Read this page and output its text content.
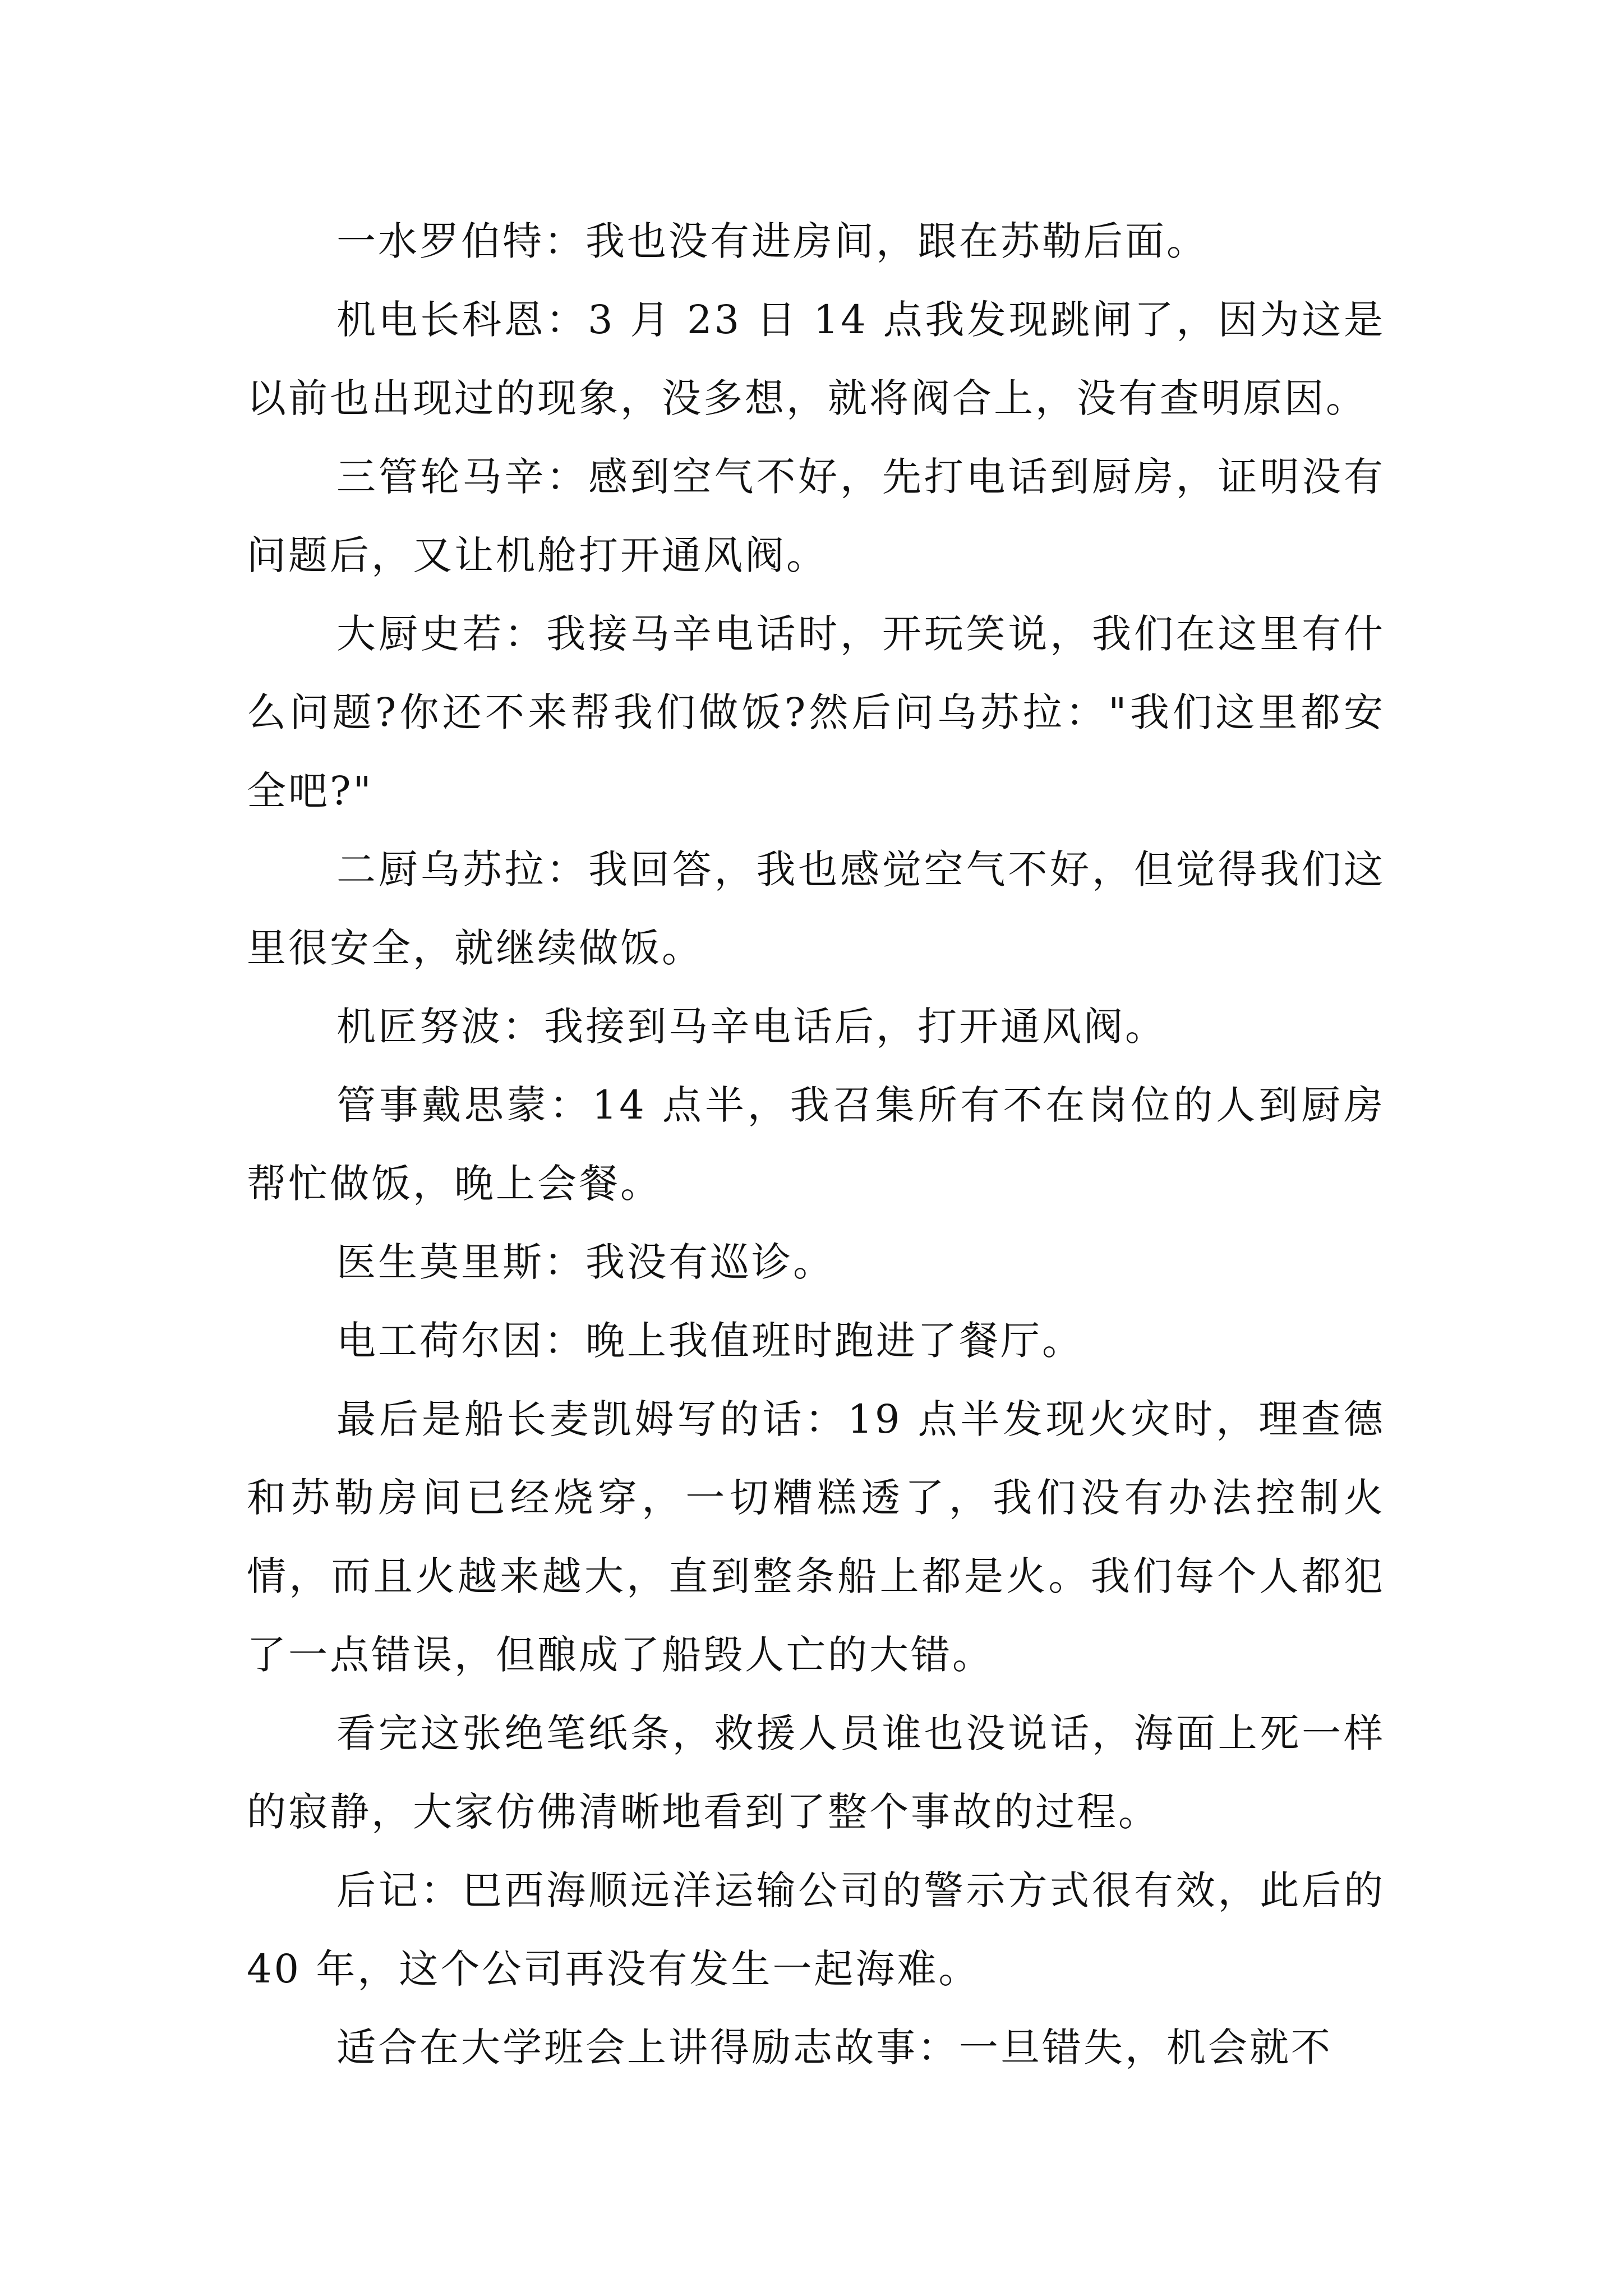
一水罗伯特：我也没有进房间，跟在苏勒后面。

机电长科恩：3 月 23 日 14 点我发现跳闸了，因为这是以前也出现过的现象，没多想，就将阀合上，没有查明原因。

三管轮马辛：感到空气不好，先打电话到厨房，证明没有问题后，又让机舱打开通风阀。

大厨史若：我接马辛电话时，开玩笑说，我们在这里有什么问题?你还不来帮我们做饭?然后问乌苏拉："我们这里都安全吧?"

二厨乌苏拉：我回答，我也感觉空气不好，但觉得我们这里很安全，就继续做饭。

机匠努波：我接到马辛电话后，打开通风阀。

管事戴思蒙：14 点半，我召集所有不在岗位的人到厨房帮忙做饭，晚上会餐。

医生莫里斯：我没有巡诊。

电工荷尔因：晚上我值班时跑进了餐厅。

最后是船长麦凯姆写的话：19 点半发现火灾时，理查德和苏勒房间已经烧穿，一切糟糕透了，我们没有办法控制火情，而且火越来越大，直到整条船上都是火。我们每个人都犯了一点错误，但酿成了船毁人亡的大错。

看完这张绝笔纸条，救援人员谁也没说话，海面上死一样的寂静，大家仿佛清晰地看到了整个事故的过程。

后记：巴西海顺远洋运输公司的警示方式很有效，此后的 40 年，这个公司再没有发生一起海难。

适合在大学班会上讲得励志故事：一旦错失，机会就不
